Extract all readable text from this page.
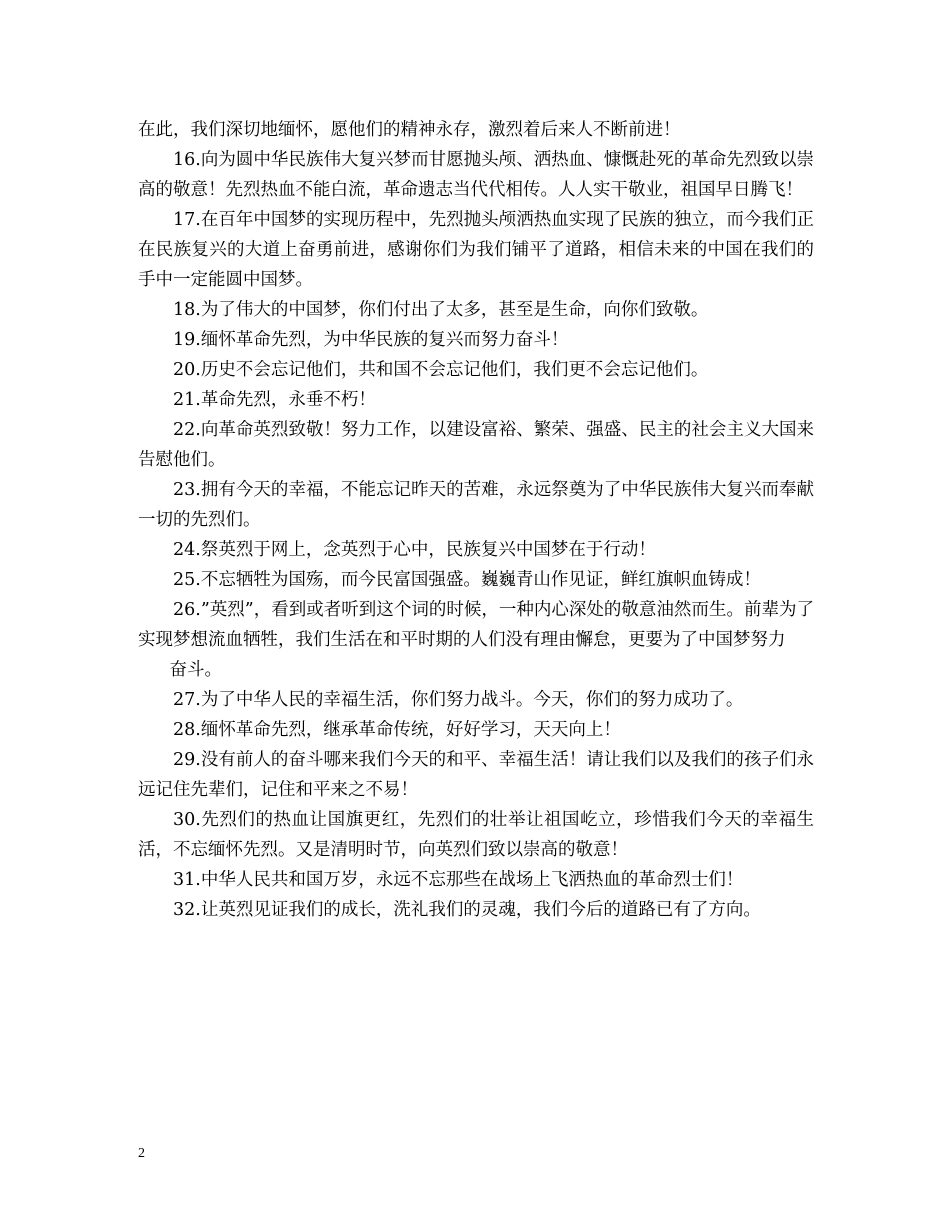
在此，我们深切地缅怀，愿他们的精神永存，激烈着后来人不断前进！

16.向为圆中华民族伟大复兴梦而甘愿抛头颅、洒热血、慷慨赴死的革命先烈致以崇高的敬意！先烈热血不能白流，革命遗志当代代相传。人人实干敬业，祖国早日腾飞！

17.在百年中国梦的实现历程中，先烈抛头颅洒热血实现了民族的独立，而今我们正在民族复兴的大道上奋勇前进，感谢你们为我们铺平了道路，相信未来的中国在我们的手中一定能圆中国梦。

18.为了伟大的中国梦，你们付出了太多，甚至是生命，向你们致敬。

19.缅怀革命先烈，为中华民族的复兴而努力奋斗！

20.历史不会忘记他们，共和国不会忘记他们，我们更不会忘记他们。

21.革命先烈，永垂不朽！

22.向革命英烈致敬！努力工作，以建设富裕、繁荣、强盛、民主的社会主义大国来告慰他们。

23.拥有今天的幸福，不能忘记昨天的苦难，永远祭奠为了中华民族伟大复兴而奉献一切的先烈们。

24.祭英烈于网上，念英烈于心中，民族复兴中国梦在于行动！

25.不忘牺牲为国殇，而今民富国强盛。巍巍青山作见证，鲜红旗帜血铸成！

26.”英烈”，看到或者听到这个词的时候，一种内心深处的敬意油然而生。前辈为了实现梦想流血牺牲，我们生活在和平时期的人们没有理由懈怠，更要为了中国梦努力

奋斗。

27.为了中华人民的幸福生活，你们努力战斗。今天，你们的努力成功了。

28.缅怀革命先烈，继承革命传统，好好学习，天天向上！

29.没有前人的奋斗哪来我们今天的和平、幸福生活！请让我们以及我们的孩子们永远记住先辈们，记住和平来之不易！

30.先烈们的热血让国旗更红，先烈们的壮举让祖国屹立，珍惜我们今天的幸福生活，不忘缅怀先烈。又是清明时节，向英烈们致以崇高的敬意！

31.中华人民共和国万岁，永远不忘那些在战场上飞洒热血的革命烈士们！

32.让英烈见证我们的成长，洗礼我们的灵魂，我们今后的道路已有了方向。

2
